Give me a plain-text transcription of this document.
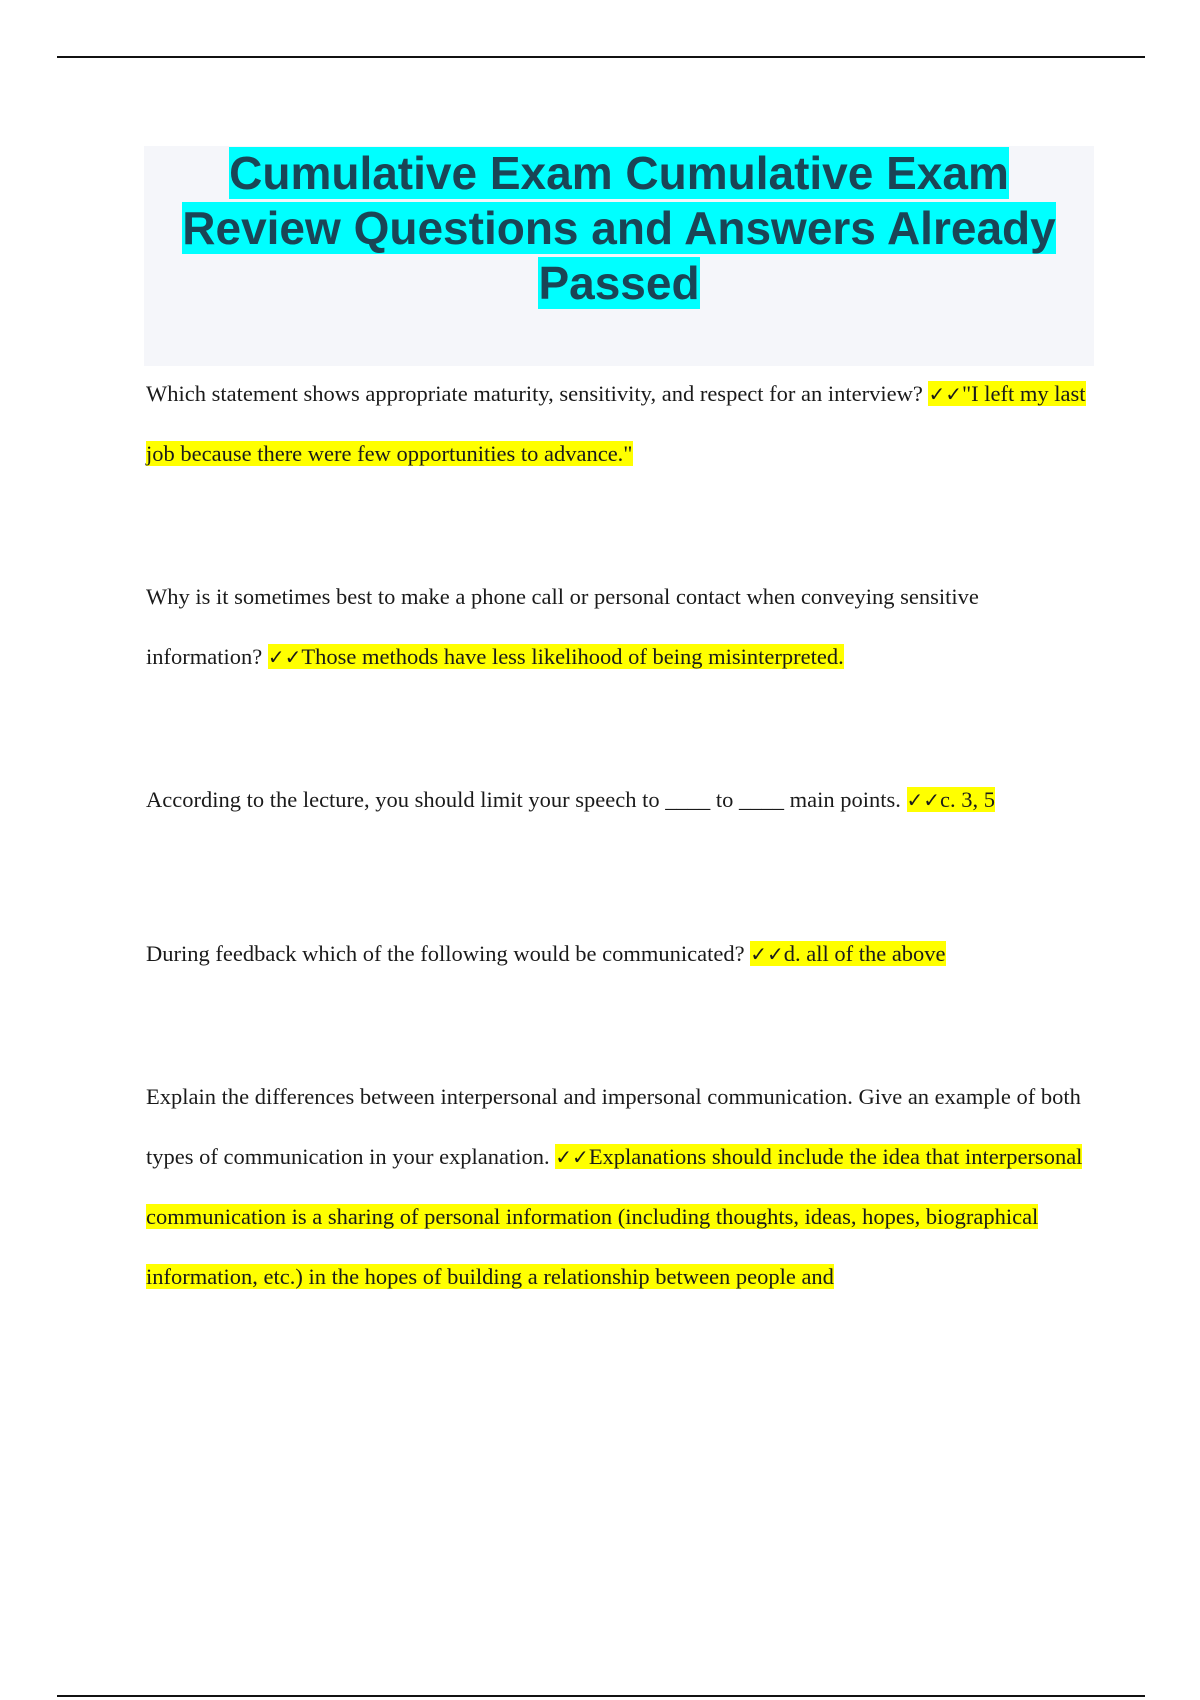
Cumulative Exam Cumulative Exam Review Questions and Answers Already Passed

Which statement shows appropriate maturity, sensitivity, and respect for an interview? ✓✓"I left my last job because there were few opportunities to advance."

Why is it sometimes best to make a phone call or personal contact when conveying sensitive information? ✓✓Those methods have less likelihood of being misinterpreted.

According to the lecture, you should limit your speech to ____ to ____ main points. ✓✓c. 3, 5

During feedback which of the following would be communicated? ✓✓d. all of the above

Explain the differences between interpersonal and impersonal communication. Give an example of both types of communication in your explanation. ✓✓Explanations should include the idea that interpersonal communication is a sharing of personal information (including thoughts, ideas, hopes, biographical information, etc.) in the hopes of building a relationship between people and
